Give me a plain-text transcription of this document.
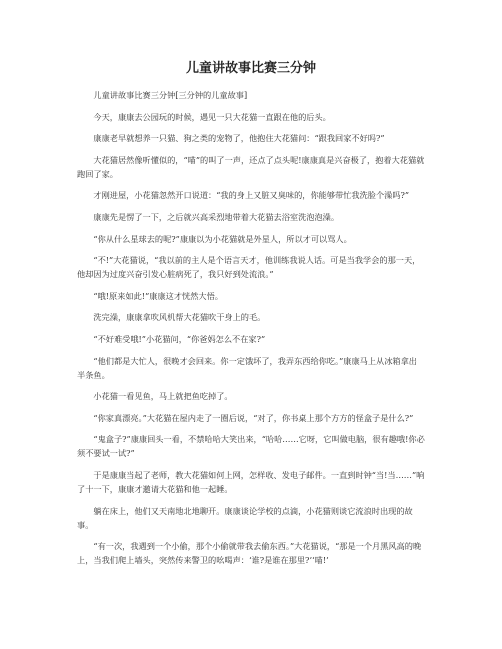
儿童讲故事比赛三分钟

儿童讲故事比赛三分钟[三分钟的儿童故事]

今天，康康去公园玩的时候，遇见一只大花猫一直跟在他的后头。

康康老早就想养一只猫、狗之类的宠物了，他抱住大花猫问：“跟我回家不好吗?”

大花猫居然像听懂似的，“喵”的叫了一声，还点了点头呢!康康真是兴奋极了，抱着大花猫就跑回了家。

才刚进屋，小花猫忽然开口说道：“我的身上又脏又臭味的，你能够带忙我洗脸个澡吗?”

康康先是愣了一下，之后就兴高采烈地带着大花猫去浴室洗泡泡澡。

“你从什么星球去的呢?”康康以为小花猫就是外星人，所以才可以骂人。

“不!”大花猫说，“我以前的主人是个语言天才，他训练我说人话。可是当我学会的那一天，他却因为过度兴奋引发心脏病死了，我只好到处流浪。”

“哦!原来如此!”康康这才恍然大悟。

洗完澡，康康拿吹风机帮大花猫吹干身上的毛。

“不好难受哦!”小花猫问，“你爸妈怎么不在家?”

“他们都是大忙人，很晚才会回来。你一定饿坏了，我弄东西给你吃。”康康马上从冰箱拿出半条鱼。

小花猫一看见鱼，马上就把鱼吃掉了。

“你家真漂亮。”大花猫在屋内走了一圈后说，“对了，你书桌上那个方方的怪盒子是什么?”

“鬼盒子?”康康回头一看，不禁哈哈大笑出来，“哈哈……它呀，它叫做电脑，很有趣哦!你必须不要试一试?”

于是康康当起了老师，教大花猫如何上网，怎样收、发电子邮件。一直到时钟“当!当……”响了十一下，康康才邀请大花猫和他一起睡。

躺在床上，他们又天南地北地聊开。康康谈论学校的点滴，小花猫则谈它流浪时出现的故事。

“有一次，我遇到一个小偷，那个小偷就带我去偷东西。”大花猫说，“那是一个月黑风高的晚上，当我们爬上墙头，突然传来警卫的吆喝声：‘谁?是谁在那里?’‘喵!’
